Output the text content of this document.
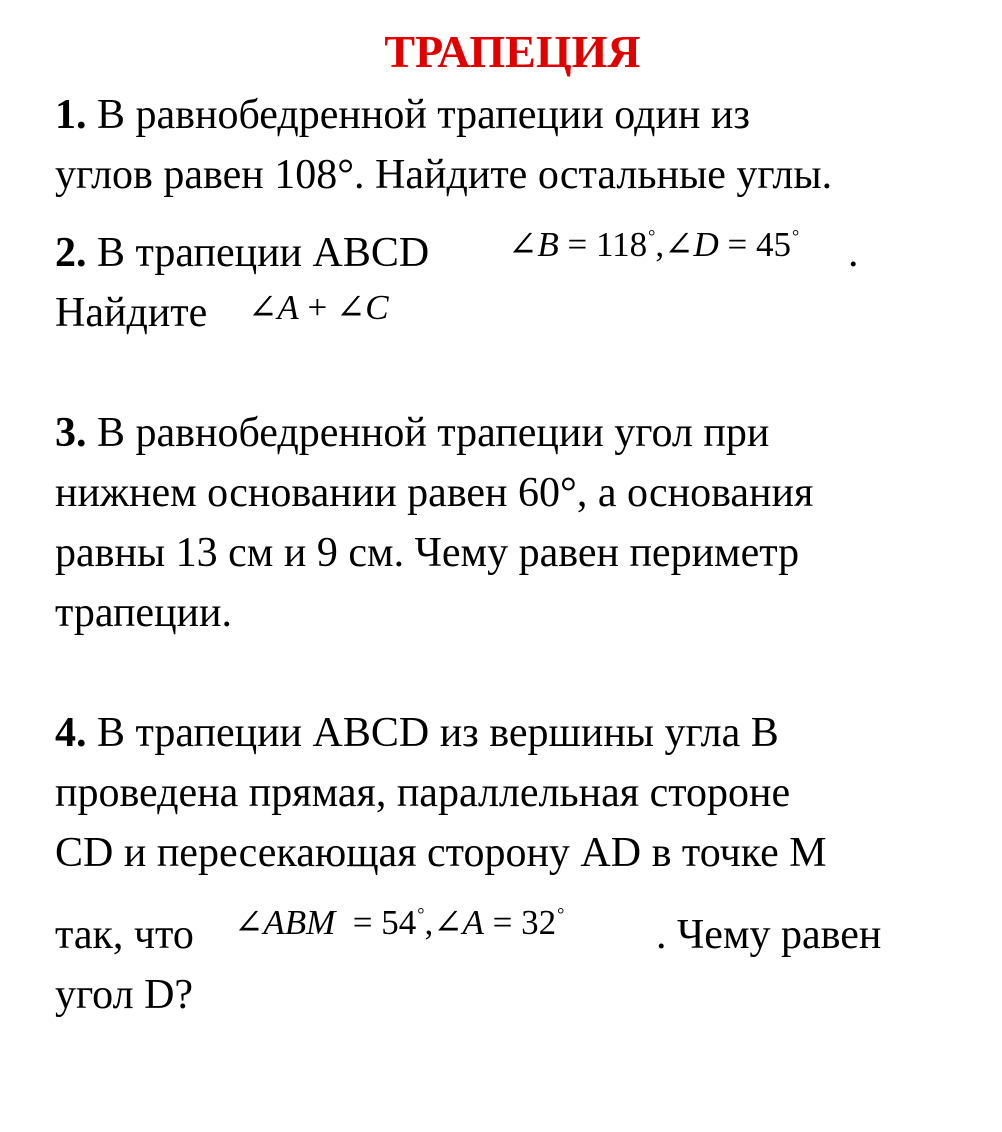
ТРАПЕЦИЯ
1. В равнобедренной трапеции один из
углов равен 108°. Найдите остальные углы.
2. В трапеции ABCD ∠B = 118°,∠D = 45° .
Найдите ∠A + ∠C
3. В равнобедренной трапеции угол при
нижнем основании равен 60°, а основания
равны 13 см и 9 см. Чему равен периметр
трапеции.
4. В трапеции ABCD из вершины угла B
проведена прямая, параллельная стороне
CD и пересекающая сторону AD в точке M
так, что ∠ABM  = 54°,∠A = 32° . Чему равен
угол D?
